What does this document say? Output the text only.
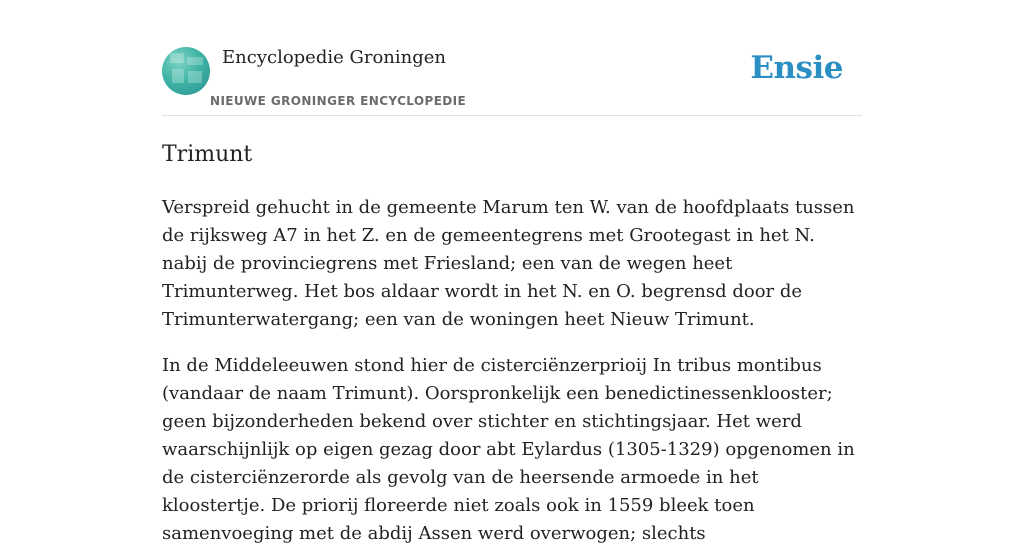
Encyclopedie Groningen
NIEUWE GRONINGER ENCYCLOPEDIE
Ensie
Trimunt

Verspreid gehucht in de gemeente Marum ten W. van de hoofdplaats tussen de rijksweg A7 in het Z. en de gemeentegrens met Grootegast in het N. nabij de provinciegrens met Friesland; een van de wegen heet Trimunterweg. Het bos aldaar wordt in het N. en O. begrensd door de Trimunterwatergang; een van de woningen heet Nieuw Trimunt.

In de Middeleeuwen stond hier de cisterciënzerprioij In tribus montibus (vandaar de naam Trimunt). Oorspronkelijk een benedictinessenklooster; geen bijzonderheden bekend over stichter en stichtingsjaar. Het werd waarschijnlijk op eigen gezag door abt Eylardus (1305-1329) opgenomen in de cisterciënzerorde als gevolg van de heersende armoede in het kloostertje. De priorij floreerde niet zoals ook in 1559 bleek toen samenvoeging met de abdij Assen werd overwogen; slechts
